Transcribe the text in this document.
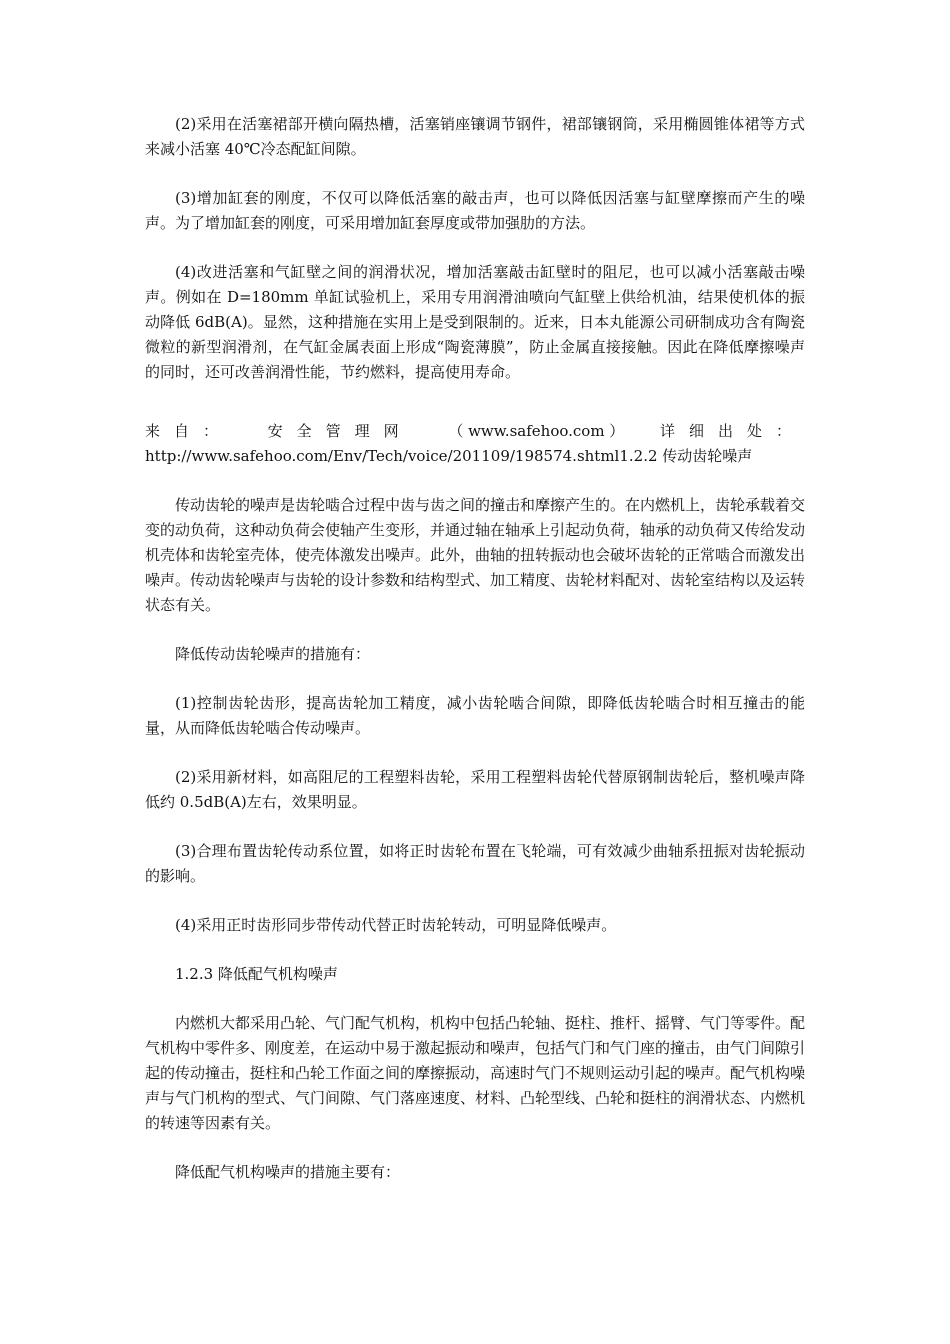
(2)采用在活塞裙部开横向隔热槽，活塞销座镶调节钢件，裙部镶钢筒，采用椭圆锥体裙等方式来减小活塞 40℃冷态配缸间隙。

(3)增加缸套的刚度，不仅可以降低活塞的敲击声，也可以降低因活塞与缸壁摩擦而产生的噪声。为了增加缸套的刚度，可采用增加缸套厚度或带加强肋的方法。

(4)改进活塞和气缸壁之间的润滑状况，增加活塞敲击缸壁时的阻尼，也可以减小活塞敲击噪声。例如在 D=180mm 单缸试验机上，采用专用润滑油喷向气缸壁上供给机油，结果使机体的振动降低 6dB(A)。显然，这种措施在实用上是受到限制的。近来，日本丸能源公司研制成功含有陶瓷微粒的新型润滑剂，在气缸金属表面上形成“陶瓷薄膜”，防止金属直接接触。因此在降低摩擦噪声的同时，还可改善润滑性能，节约燃料，提高使用寿命。

来自： 安全管理网 （ www.safehoo.com ） 详细出处：
http://www.safehoo.com/Env/Tech/voice/201109/198574.shtml1.2.2 传动齿轮噪声

传动齿轮的噪声是齿轮啮合过程中齿与齿之间的撞击和摩擦产生的。在内燃机上，齿轮承载着交变的动负荷，这种动负荷会使轴产生变形，并通过轴在轴承上引起动负荷，轴承的动负荷又传给发动机壳体和齿轮室壳体，使壳体激发出噪声。此外，曲轴的扭转振动也会破坏齿轮的正常啮合而激发出噪声。传动齿轮噪声与齿轮的设计参数和结构型式、加工精度、齿轮材料配对、齿轮室结构以及运转状态有关。

降低传动齿轮噪声的措施有：

(1)控制齿轮齿形，提高齿轮加工精度，减小齿轮啮合间隙，即降低齿轮啮合时相互撞击的能量，从而降低齿轮啮合传动噪声。

(2)采用新材料，如高阻尼的工程塑料齿轮，采用工程塑料齿轮代替原钢制齿轮后，整机噪声降低约 0.5dB(A)左右，效果明显。

(3)合理布置齿轮传动系位置，如将正时齿轮布置在飞轮端，可有效减少曲轴系扭振对齿轮振动的影响。

(4)采用正时齿形同步带传动代替正时齿轮转动，可明显降低噪声。

1.2.3 降低配气机构噪声

内燃机大都采用凸轮、气门配气机构，机构中包括凸轮轴、挺柱、推杆、摇臂、气门等零件。配气机构中零件多、刚度差，在运动中易于激起振动和噪声，包括气门和气门座的撞击，由气门间隙引起的传动撞击，挺柱和凸轮工作面之间的摩擦振动，高速时气门不规则运动引起的噪声。配气机构噪声与气门机构的型式、气门间隙、气门落座速度、材料、凸轮型线、凸轮和挺柱的润滑状态、内燃机的转速等因素有关。

降低配气机构噪声的措施主要有：
